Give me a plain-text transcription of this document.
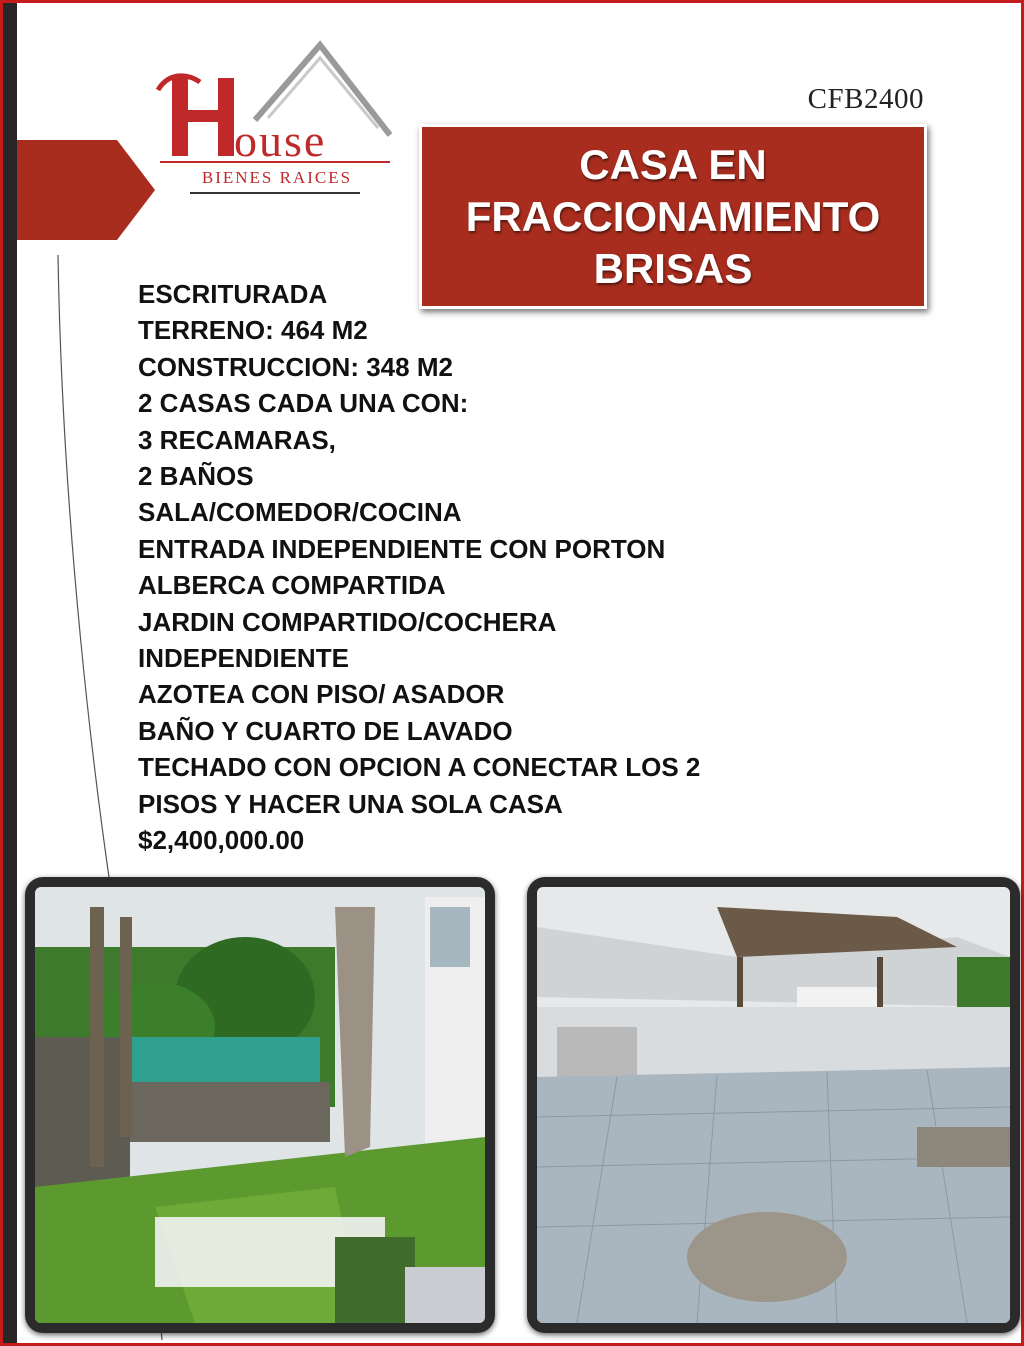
ouse
BIENES RAICES
CFB2400
CASA EN
FRACCIONAMIENTO
BRISAS
ESCRITURADA
TERRENO: 464 M2
CONSTRUCCION: 348 M2
2 CASAS CADA UNA CON:
3 RECAMARAS,
2 BAÑOS
SALA/COMEDOR/COCINA
ENTRADA INDEPENDIENTE CON PORTON
ALBERCA COMPARTIDA
JARDIN COMPARTIDO/COCHERA
INDEPENDIENTE
AZOTEA CON PISO/ ASADOR
BAÑO Y CUARTO DE LAVADO
TECHADO CON OPCION A CONECTAR LOS 2
PISOS Y HACER UNA SOLA CASA
$2,400,000.00
